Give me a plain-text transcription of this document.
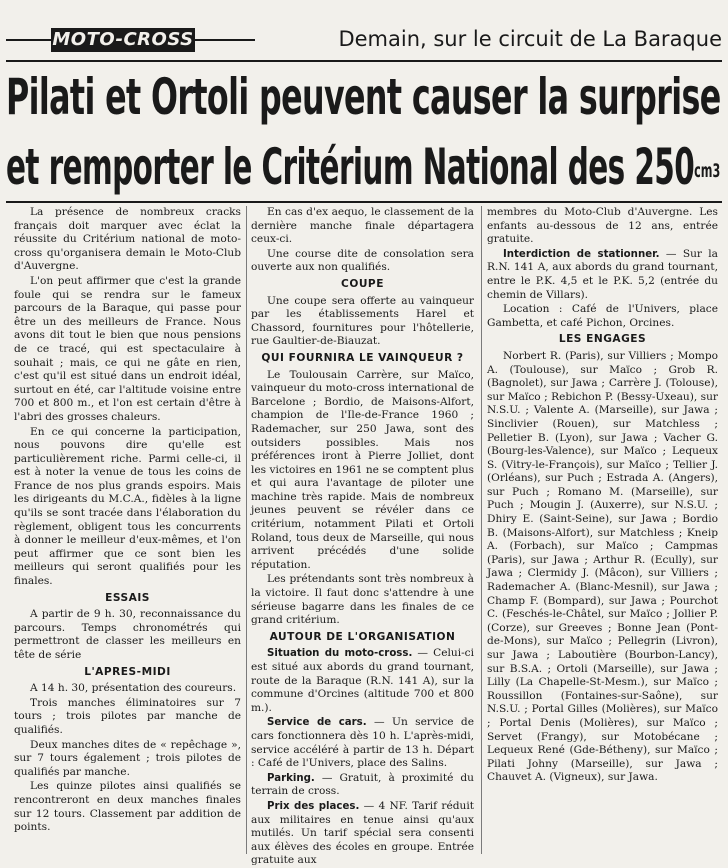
MOTO-CROSS	Demain, sur le circuit de La Baraque
Pilati et Ortoli peuvent causer la surprise
et remporter le Critérium National des $250^{cm3}$

La présence de nombreux cracks français doit marquer avec éclat la réussite du Critérium national de moto-cross qu'organisera demain le Moto-Club d'Auvergne.

L'on peut affirmer que c'est la grande foule qui se rendra sur le fameux parcours de la Baraque, qui passe pour être un des meilleurs de France. Nous avons dit tout le bien que nous pensions de ce tracé, qui est spectaculaire à souhait ; mais, ce qui ne gâte en rien, c'est qu'il est situé dans un endroit idéal, surtout en été, car l'altitude voisine entre 700 et 800 m., et l'on est certain d'être à l'abri des grosses chaleurs.

En ce qui concerne la participation, nous pouvons dire qu'elle est particulièrement riche. Parmi celle-ci, il est à noter la venue de tous les coins de France de nos plus grands espoirs. Mais les dirigeants du M.C.A., fidèles à la ligne qu'ils se sont tracée dans l'élaboration du règlement, obligent tous les concurrents à donner le meilleur d'eux-mêmes, et l'on peut affirmer que ce sont bien les meilleurs qui seront qualifiés pour les finales.

ESSAIS

A partir de 9 h. 30, reconnaissance du parcours. Temps chronométrés qui permettront de classer les meilleurs en tête de série

L'APRES-MIDI

A 14 h. 30, présentation des coureurs.

Trois manches éliminatoires sur 7 tours ; trois pilotes par manche de qualifiés.

Deux manches dites de « repêchage », sur 7 tours également ; trois pilotes de qualifiés par manche.

Les quinze pilotes ainsi qualifiés se rencontreront en deux manches finales sur 12 tours. Classement par addition de points.

En cas d'ex aequo, le classement de la dernière manche finale départagera ceux-ci.

Une course dite de consolation sera ouverte aux non qualifiés.

COUPE

Une coupe sera offerte au vainqueur par les établissements Harel et Chassord, fournitures pour l'hôtellerie, rue Gaultier-de-Biauzat.

QUI FOURNIRA LE VAINQUEUR ?

Le Toulousain Carrère, sur Maïco, vainqueur du moto-cross international de Barcelone ; Bordio, de Maisons-Alfort, champion de l'Ile-de-France 1960 ; Rademacher, sur 250 Jawa, sont des outsiders possibles. Mais nos préférences iront à Pierre Jolliet, dont les victoires en 1961 ne se comptent plus et qui aura l'avantage de piloter une machine très rapide. Mais de nombreux jeunes peuvent se révéler dans ce critérium, notamment Pilati et Ortoli Roland, tous deux de Marseille, qui nous arrivent précédés d'une solide réputation.

Les prétendants sont très nombreux à la victoire. Il faut donc s'attendre à une sérieuse bagarre dans les finales de ce grand critérium.

AUTOUR DE L'ORGANISATION

Situation du moto-cross. — Celui-ci est situé aux abords du grand tournant, route de la Baraque (R.N. 141 A), sur la commune d'Orcines (altitude 700 et 800 m.).

Service de cars. — Un service de cars fonctionnera dès 10 h. L'après-midi, service accéléré à partir de 13 h. Départ : Café de l'Univers, place des Salins.

Parking. — Gratuit, à proximité du terrain de cross.

Prix des places. — 4 NF. Tarif réduit aux militaires en tenue ainsi qu'aux mutilés. Un tarif spécial sera consenti aux élèves des écoles en groupe. Entrée gratuite aux

membres du Moto-Club d'Auvergne. Les enfants au-dessous de 12 ans, entrée gratuite.

Interdiction de stationner. — Sur la R.N. 141 A, aux abords du grand tournant, entre le P.K. 4,5 et le P.K. 5,2 (entrée du chemin de Villars).

Location : Café de l'Univers, place Gambetta, et café Pichon, Orcines.

LES ENGAGES

Norbert R. (Paris), sur Villiers ; Mompo A. (Toulouse), sur Maïco ; Grob R. (Bagnolet), sur Jawa ; Carrère J. (Tolouse), sur Maïco ; Rebichon P. (Bessy-Uxeau), sur N.S.U. ; Valente A. (Marseille), sur Jawa ; Sinclivier (Rouen), sur Matchless ; Pelletier B. (Lyon), sur Jawa ; Vacher G. (Bourg-les-Valence), sur Maïco ; Lequeux S. (Vitry-le-François), sur Maïco ; Tellier J. (Orléans), sur Puch ; Estrada A. (Angers), sur Puch ; Romano M. (Marseille), sur Puch ; Mougin J. (Auxerre), sur N.S.U. ; Dhiry E. (Saint-Seine), sur Jawa ; Bordio B. (Maisons-Alfort), sur Matchless ; Kneip A. (Forbach), sur Maïco ; Campmas (Paris), sur Jawa ; Arthur R. (Ecully), sur Jawa ; Clermidy J. (Mâcon), sur Villiers ; Rademacher A. (Blanc-Mesnil), sur Jawa ; Champ F. (Bompard), sur Jawa ; Pourchot C. (Feschés-le-Châtel, sur Maïco ; Jollier P. (Corze), sur Greeves ; Bonne Jean (Pont-de-Mons), sur Maïco ; Pellegrin (Livron), sur Jawa ; Laboutière (Bourbon-Lancy), sur B.S.A. ; Ortoli (Marseille), sur Jawa ; Lilly (La Chapelle-St-Mesm.), sur Maïco ; Roussillon (Fontaines-sur-Saône), sur N.S.U. ; Portal Gilles (Molières), sur Maïco ; Portal Denis (Molières), sur Maïco ; Servet (Frangy), sur Motobécane ; Lequeux René (Gde-Bétheny), sur Maïco ; Pilati Johny (Marseille), sur Jawa ; Chauvet A. (Vigneux), sur Jawa.
